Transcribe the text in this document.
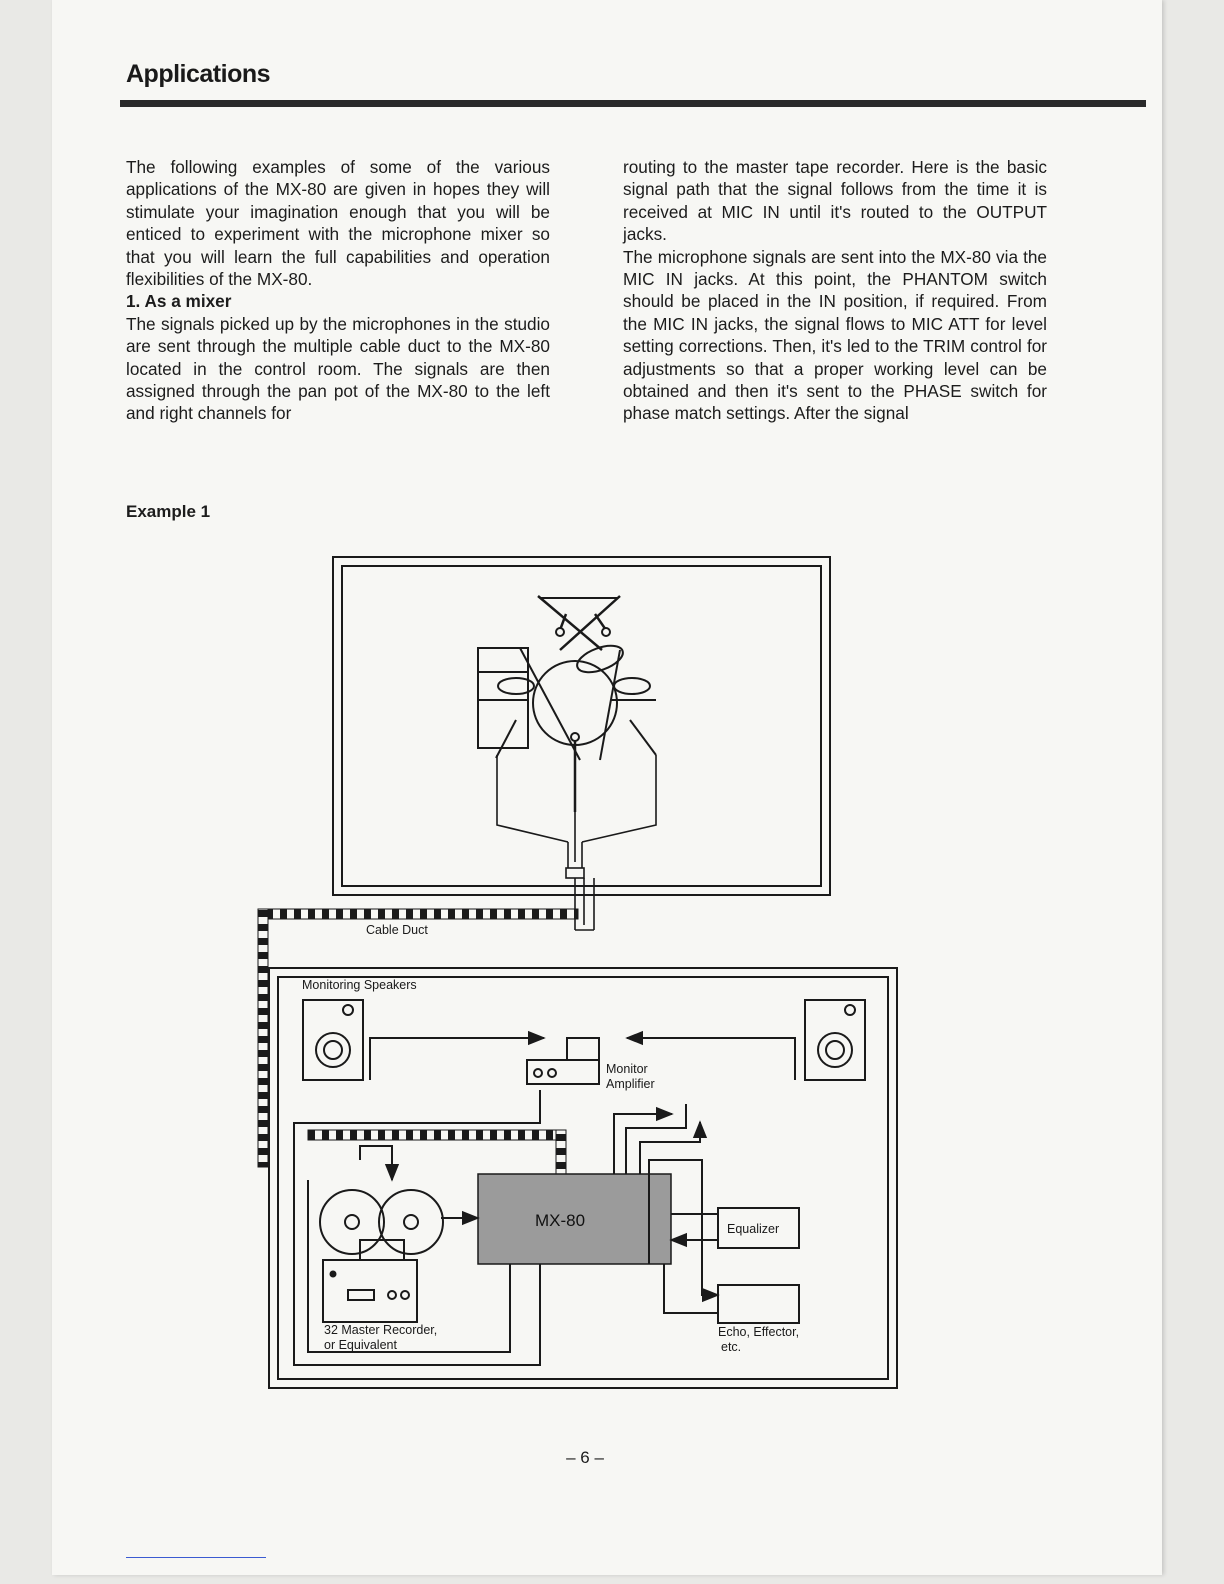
Applications

The following examples of some of the various applications of the MX-80 are given in hopes they will stimulate your imagination enough that you will be enticed to experiment with the microphone mixer so that you will learn the full capabilities and operation flexibilities of the MX-80.

1. As a mixer

The signals picked up by the microphones in the studio are sent through the multiple cable duct to the MX-80 located in the control room. The signals are then assigned through the pan pot of the MX-80 to the left and right channels for

routing to the master tape recorder. Here is the basic signal path that the signal follows from the time it is received at MIC IN until it's routed to the OUTPUT jacks.

The microphone signals are sent into the MX-80 via the MIC IN jacks. At this point, the PHANTOM switch should be placed in the IN position, if required. From the MIC IN jacks, the signal flows to MIC ATT for level setting corrections. Then, it's led to the TRIM control for adjustments so that a proper working level can be obtained and then it's sent to the PHASE switch for phase match settings. After the signal

Example 1
Cable Duct
Monitoring Speakers
Monitor
Amplifier
MX-80	Equalizer
Echo, Effector,
etc.
32 Master Recorder,
or Equivalent
– 6 –
